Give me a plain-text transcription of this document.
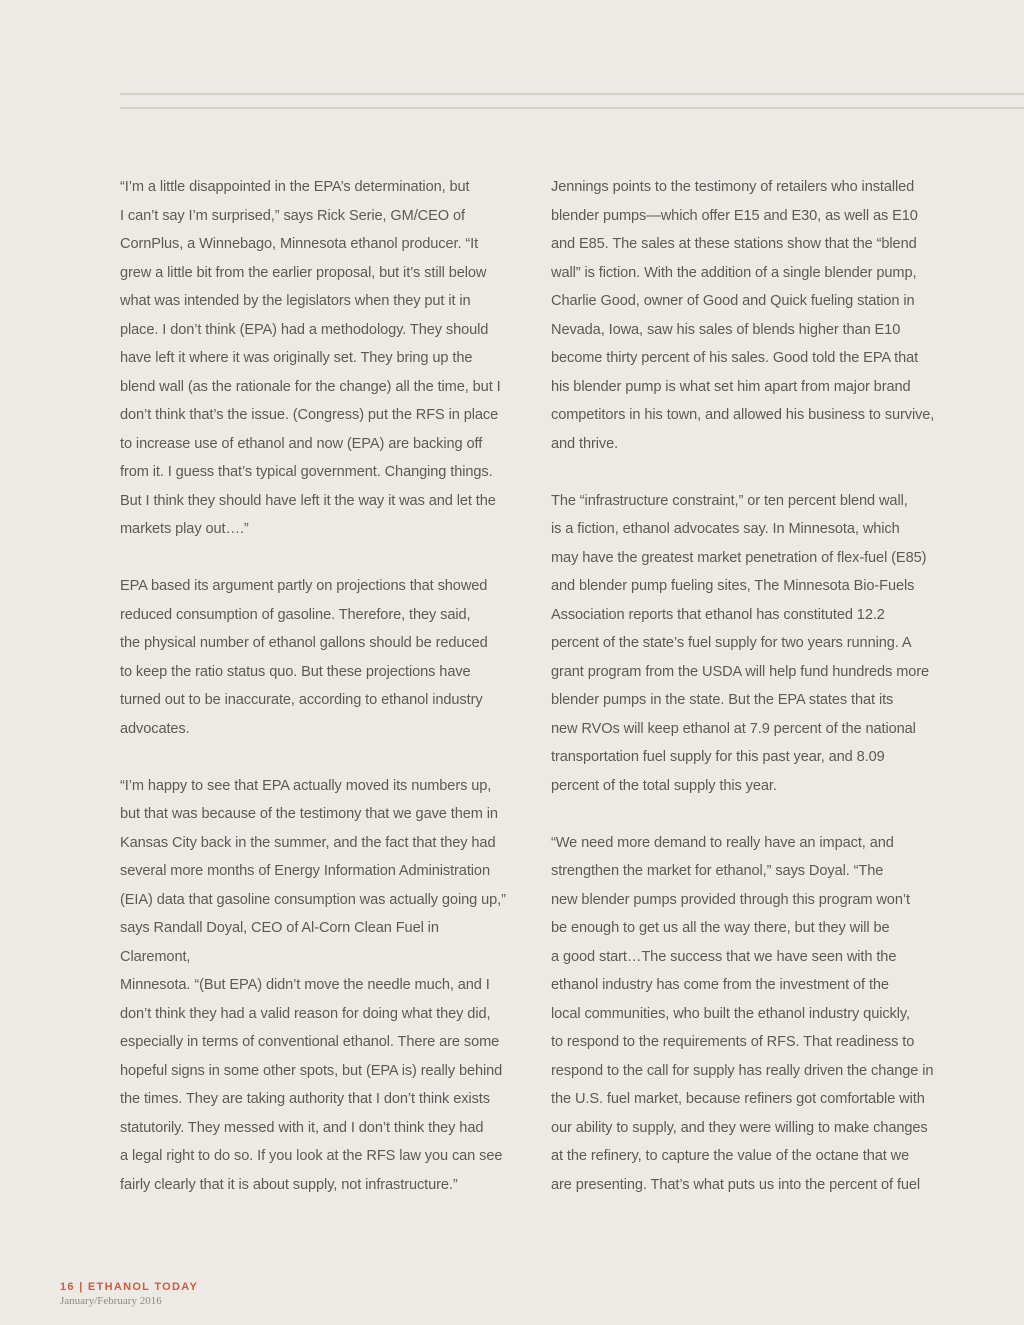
“I’m a little disappointed in the EPA’s determination, but
I can’t say I’m surprised,” says Rick Serie, GM/CEO of
CornPlus, a Winnebago, Minnesota ethanol producer. “It
grew a little bit from the earlier proposal, but it’s still below
what was intended by the legislators when they put it in
place. I don’t think (EPA) had a methodology. They should
have left it where it was originally set. They bring up the
blend wall (as the rationale for the change) all the time, but I
don’t think that’s the issue. (Congress) put the RFS in place
to increase use of ethanol and now (EPA) are backing off
from it. I guess that’s typical government. Changing things.
But I think they should have left it the way it was and let the
markets play out….”

EPA based its argument partly on projections that showed
reduced consumption of gasoline. Therefore, they said,
the physical number of ethanol gallons should be reduced
to keep the ratio status quo. But these projections have
turned out to be inaccurate, according to ethanol industry
advocates.

“I’m happy to see that EPA actually moved its numbers up,
but that was because of the testimony that we gave them in
Kansas City back in the summer, and the fact that they had
several more months of Energy Information Administration
(EIA) data that gasoline consumption was actually going up,”
says Randall Doyal, CEO of Al-Corn Clean Fuel in Claremont,
Minnesota. “(But EPA) didn’t move the needle much, and I
don’t think they had a valid reason for doing what they did,
especially in terms of conventional ethanol. There are some
hopeful signs in some other spots, but (EPA is) really behind
the times. They are taking authority that I don’t think exists
statutorily. They messed with it, and I don’t think they had
a legal right to do so. If you look at the RFS law you can see
fairly clearly that it is about supply, not infrastructure.”

Jennings points to the testimony of retailers who installed
blender pumps—which offer E15 and E30, as well as E10
and E85. The sales at these stations show that the “blend
wall” is fiction. With the addition of a single blender pump,
Charlie Good, owner of Good and Quick fueling station in
Nevada, Iowa, saw his sales of blends higher than E10
become thirty percent of his sales. Good told the EPA that
his blender pump is what set him apart from major brand
competitors in his town, and allowed his business to survive,
and thrive.

The “infrastructure constraint,” or ten percent blend wall,
is a fiction, ethanol advocates say. In Minnesota, which
may have the greatest market penetration of flex-fuel (E85)
and blender pump fueling sites, The Minnesota Bio-Fuels
Association reports that ethanol has constituted 12.2
percent of the state’s fuel supply for two years running. A
grant program from the USDA will help fund hundreds more
blender pumps in the state. But the EPA states that its
new RVOs will keep ethanol at 7.9 percent of the national
transportation fuel supply for this past year, and 8.09
percent of the total supply this year.

“We need more demand to really have an impact, and
strengthen the market for ethanol,” says Doyal. “The
new blender pumps provided through this program won’t
be enough to get us all the way there, but they will be
a good start…The success that we have seen with the
ethanol industry has come from the investment of the
local communities, who built the ethanol industry quickly,
to respond to the requirements of RFS. That readiness to
respond to the call for supply has really driven the change in
the U.S. fuel market, because refiners got comfortable with
our ability to supply, and they were willing to make changes
at the refinery, to capture the value of the octane that we
are presenting. That’s what puts us into the percent of fuel

16 | ETHANOL TODAY
January/February 2016
